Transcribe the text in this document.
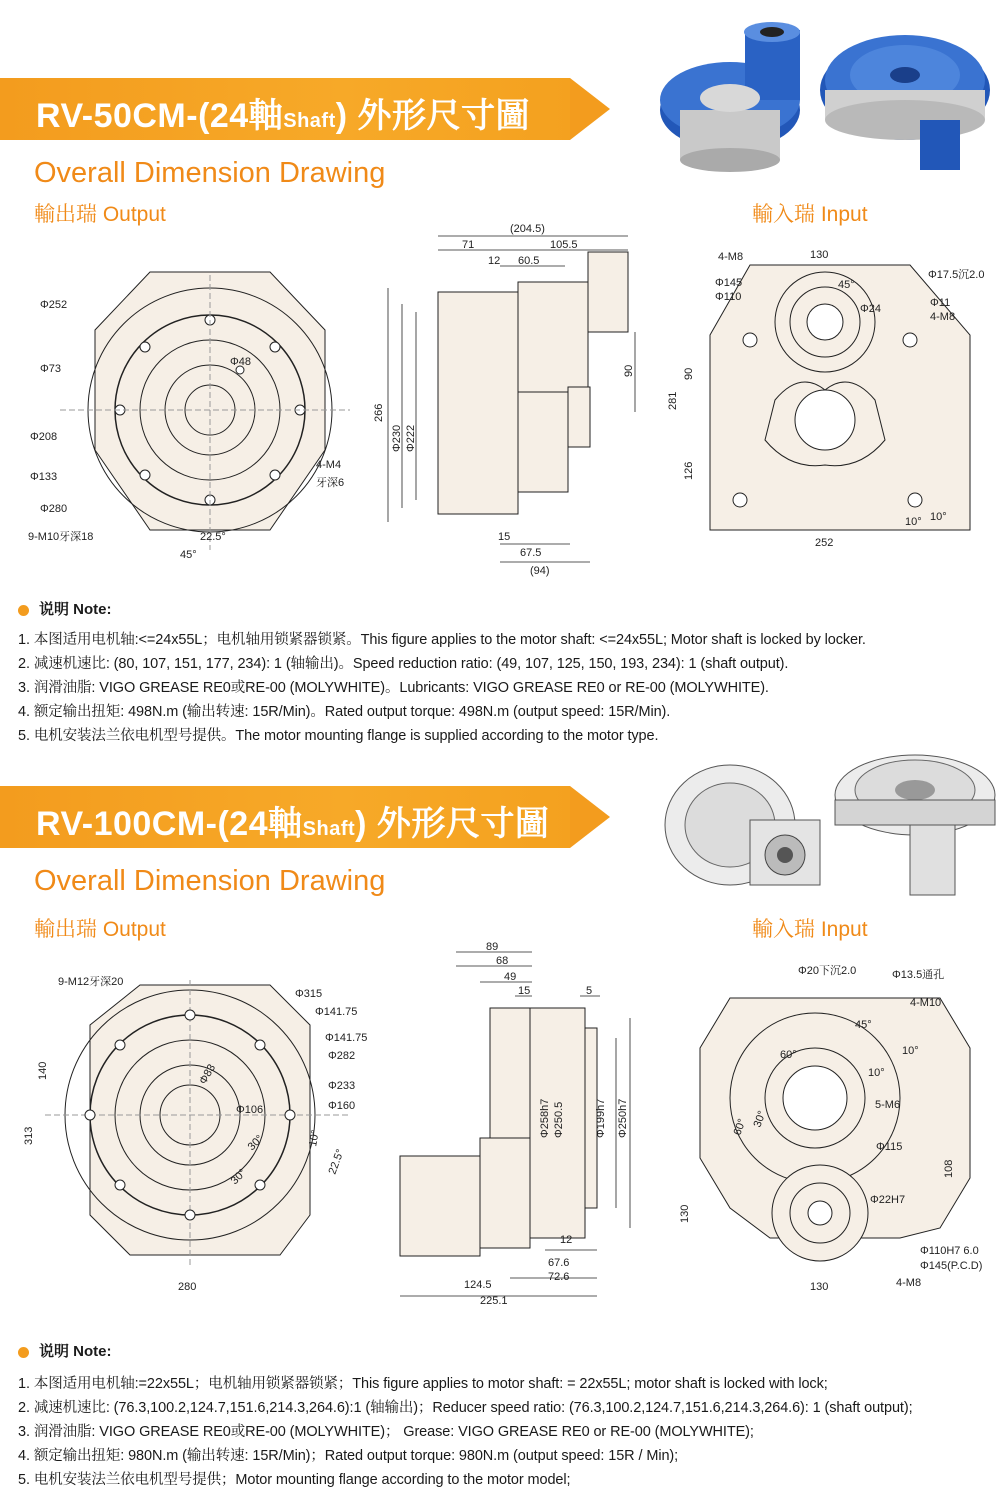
RV-50CM-(24軸Shaft) 外形尺寸圖
Overall Dimension Drawing
輸出瑞 Output	輸入瑞 Input
Φ252
Φ48
Φ73
Φ208
Φ133
Φ280
9-M10牙深18	22.5°
45°
4-M4
牙深6
(204.5)
71	105.5
12 60.5
266
Φ230 Φ222
90
15
67.5
(94)
130
4-M8
Φ145
Φ110
45°
Φ24
Φ17.5沉2.0
Φ11
4-M8
90
281
126
10° 10°
252
说明 Note:
1. 本图适用电机轴:<=24x55L；电机轴用锁紧器锁紧。This figure applies to the motor shaft: <=24x55L; Motor shaft is locked by locker.
2. 减速机速比: (80, 107, 151, 177, 234): 1 (轴输出)。Speed reduction ratio: (49, 107, 125, 150, 193, 234): 1 (shaft output).
3. 润滑油脂: VIGO GREASE RE0或RE-00 (MOLYWHITE)。Lubricants: VIGO GREASE RE0 or RE-00 (MOLYWHITE).
4. 额定输出扭矩: 498N.m (输出转速: 15R/Min)。Rated output torque: 498N.m (output speed: 15R/Min).
5. 电机安装法兰依电机型号提供。The motor mounting flange is supplied according to the motor type.
RV-100CM-(24軸Shaft) 外形尺寸圖
Overall Dimension Drawing
輸出瑞 Output	輸入瑞 Input
9-M12牙深20
Φ315
Φ141.75
Φ141.75
Φ282
Φ233
Φ160
Φ83
Φ106
140
313	10°
22.5°
30°
30°
280
89
68
49
15	5
Φ258h7 Φ250.5	Φ199h7 Φ250h7
12
67.6
72.6
124.5
225.1
Φ20下沉2.0	Φ13.5通孔
4-M10
45°
10°
60°
10°
30°
60°
5-M6
Φ115
108
Φ22H7
130
Φ110H7 6.0
Φ145(P.C.D)
4-M8
130
说明 Note:
1. 本图适用电机轴:=22x55L；电机轴用锁紧器锁紧；This figure applies to motor shaft: = 22x55L; motor shaft is locked with lock;
2. 减速机速比: (76.3,100.2,124.7,151.6,214.3,264.6):1 (轴输出)；Reducer speed ratio: (76.3,100.2,124.7,151.6,214.3,264.6): 1 (shaft output);
3. 润滑油脂: VIGO GREASE RE0或RE-00 (MOLYWHITE)； Grease: VIGO GREASE RE0 or RE-00 (MOLYWHITE);
4. 额定输出扭矩: 980N.m (输出转速: 15R/Min)；Rated output torque: 980N.m (output speed: 15R / Min);
5. 电机安装法兰依电机型号提供；Motor mounting flange according to the motor model;
